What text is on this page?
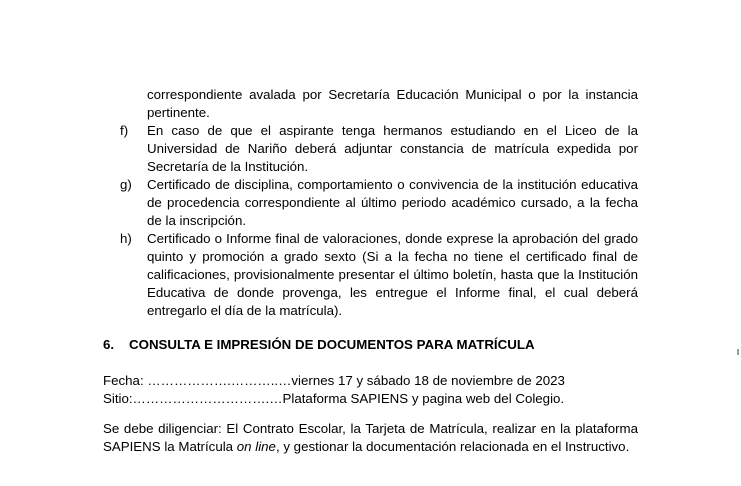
correspondiente avalada por Secretaría Educación Municipal o por la instancia pertinente.
f) En caso de que el aspirante tenga hermanos estudiando en el Liceo de la Universidad de Nariño deberá adjuntar constancia de matrícula expedida por Secretaría de la Institución.
g) Certificado de disciplina, comportamiento o convivencia de la institución educativa de procedencia correspondiente al último periodo académico cursado, a la fecha de la inscripción.
h) Certificado o Informe final de valoraciones, donde exprese la aprobación del grado quinto y promoción a grado sexto (Si a la fecha no tiene el certificado final de calificaciones, provisionalmente presentar el último boletín, hasta que la Institución Educativa de donde provenga, les entregue el Informe final, el cual deberá entregarlo el día de la matrícula).
6. CONSULTA E IMPRESIÓN DE DOCUMENTOS PARA MATRÍCULA
Fecha: ……………….………..…viernes 17 y sábado 18 de noviembre de 2023
Sitio:………………………….…Plataforma SAPIENS y pagina web del Colegio.
Se debe diligenciar: El Contrato Escolar, la Tarjeta de Matrícula, realizar en la plataforma SAPIENS la Matrícula on line, y gestionar la documentación relacionada en el Instructivo.
